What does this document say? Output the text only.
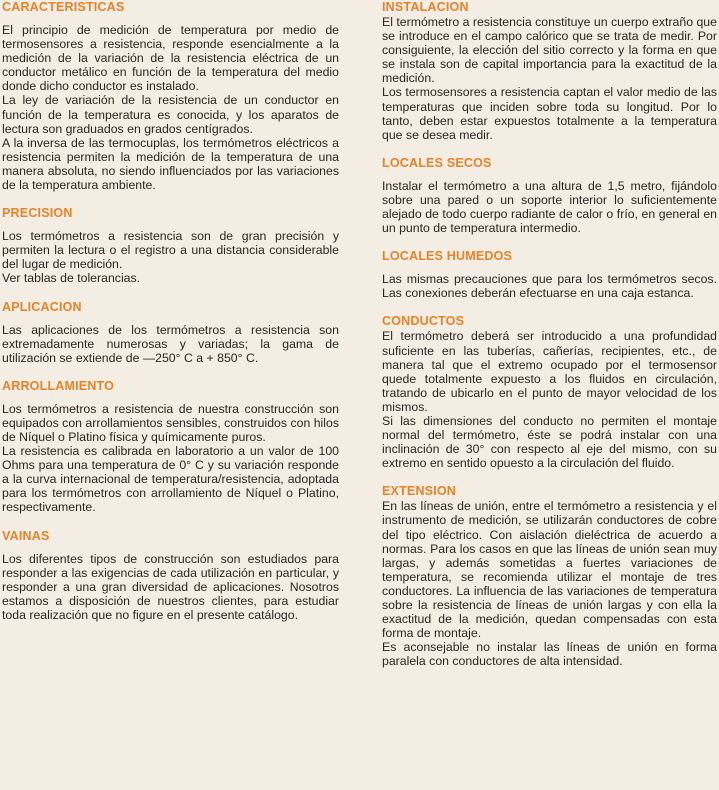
CARACTERISTICAS

El principio de medición de temperatura por medio de termosensores a resistencia, responde esencialmente a la medición de la variación de la resistencia eléctrica de un conductor metálico en función de la temperatura del medio donde dicho conductor es instalado.

La ley de variación de la resistencia de un conductor en función de la temperatura es conocida, y los aparatos de lectura son graduados en grados centígrados.

A la inversa de las termocuplas, los termómetros eléctricos a resistencia permiten la medición de la temperatura de una manera absoluta, no siendo influenciados por las variaciones de la temperatura ambiente.

PRECISION

Los termómetros a resistencia son de gran precisión y permiten la lectura o el registro a una distancia considerable del lugar de medición.

Ver tablas de tolerancias.

APLICACION

Las aplicaciones de los termómetros a resistencia son extremadamente numerosas y variadas; la gama de utilización se extiende de —250° C a + 850° C.

ARROLLAMIENTO

Los termómetros a resistencia de nuestra construcción son equipados con arrollamientos sensibles, construidos con hilos de Níquel o Platino física y químicamente puros.

La resistencia es calibrada en laboratorio a un valor de 100 Ohms para una temperatura de 0° C y su variación responde a la curva internacional de temperatura/resistencia, adoptada para los termómetros con arrollamiento de Níquel o Platino, respectivamente.

VAINAS

Los diferentes tipos de construcción son estudiados para responder a las exigencias de cada utilización en particular, y responder a una gran diversidad de aplicaciones. Nosotros estamos a disposición de nuestros clientes, para estudiar toda realización que no figure en el presente catálogo.

INSTALACION

El termómetro a resistencia constituye un cuerpo extraño que se introduce en el campo calórico que se trata de medir. Por consiguiente, la elección del sitio correcto y la forma en que se instala son de capital importancia para la exactitud de la medición.

Los termosensores a resistencia captan el valor medio de las temperaturas que inciden sobre toda su longitud. Por lo tanto, deben estar expuestos totalmente a la temperatura que se desea medir.

LOCALES SECOS

Instalar el termómetro a una altura de 1,5 metro, fijándolo sobre una pared o un soporte interior lo suficientemente alejado de todo cuerpo radiante de calor o frío, en general en un punto de temperatura intermedio.

LOCALES HUMEDOS

Las mismas precauciones que para los termómetros secos. Las conexiones deberán efectuarse en una caja estanca.

CONDUCTOS

El termómetro deberá ser introducido a una profundidad suficiente en las tuberías, cañerías, recipientes, etc., de manera tal que el extremo ocupado por el termosensor quede totalmente expuesto a los fluidos en circulación, tratando de ubicarlo en el punto de mayor velocidad de los mismos.

Si las dimensiones del conducto no permiten el montaje normal del termómetro, éste se podrá instalar con una inclinación de 30° con respecto al eje del mismo, con su extremo en sentido opuesto a la circulación del fluido.

EXTENSION

En las líneas de unión, entre el termómetro a resistencia y el instrumento de medición, se utilizarán conductores de cobre del tipo eléctrico. Con aislación dieléctrica de acuerdo a normas. Para los casos en que las líneas de unión sean muy largas, y además sometidas a fuertes variaciones de temperatura, se recomienda utilizar el montaje de tres conductores. La influencia de las variaciones de temperatura sobre la resistencia de líneas de unión largas y con ella la exactitud de la medición, quedan compensadas con esta forma de montaje.

Es aconsejable no instalar las líneas de unión en forma paralela con conductores de alta intensidad.
